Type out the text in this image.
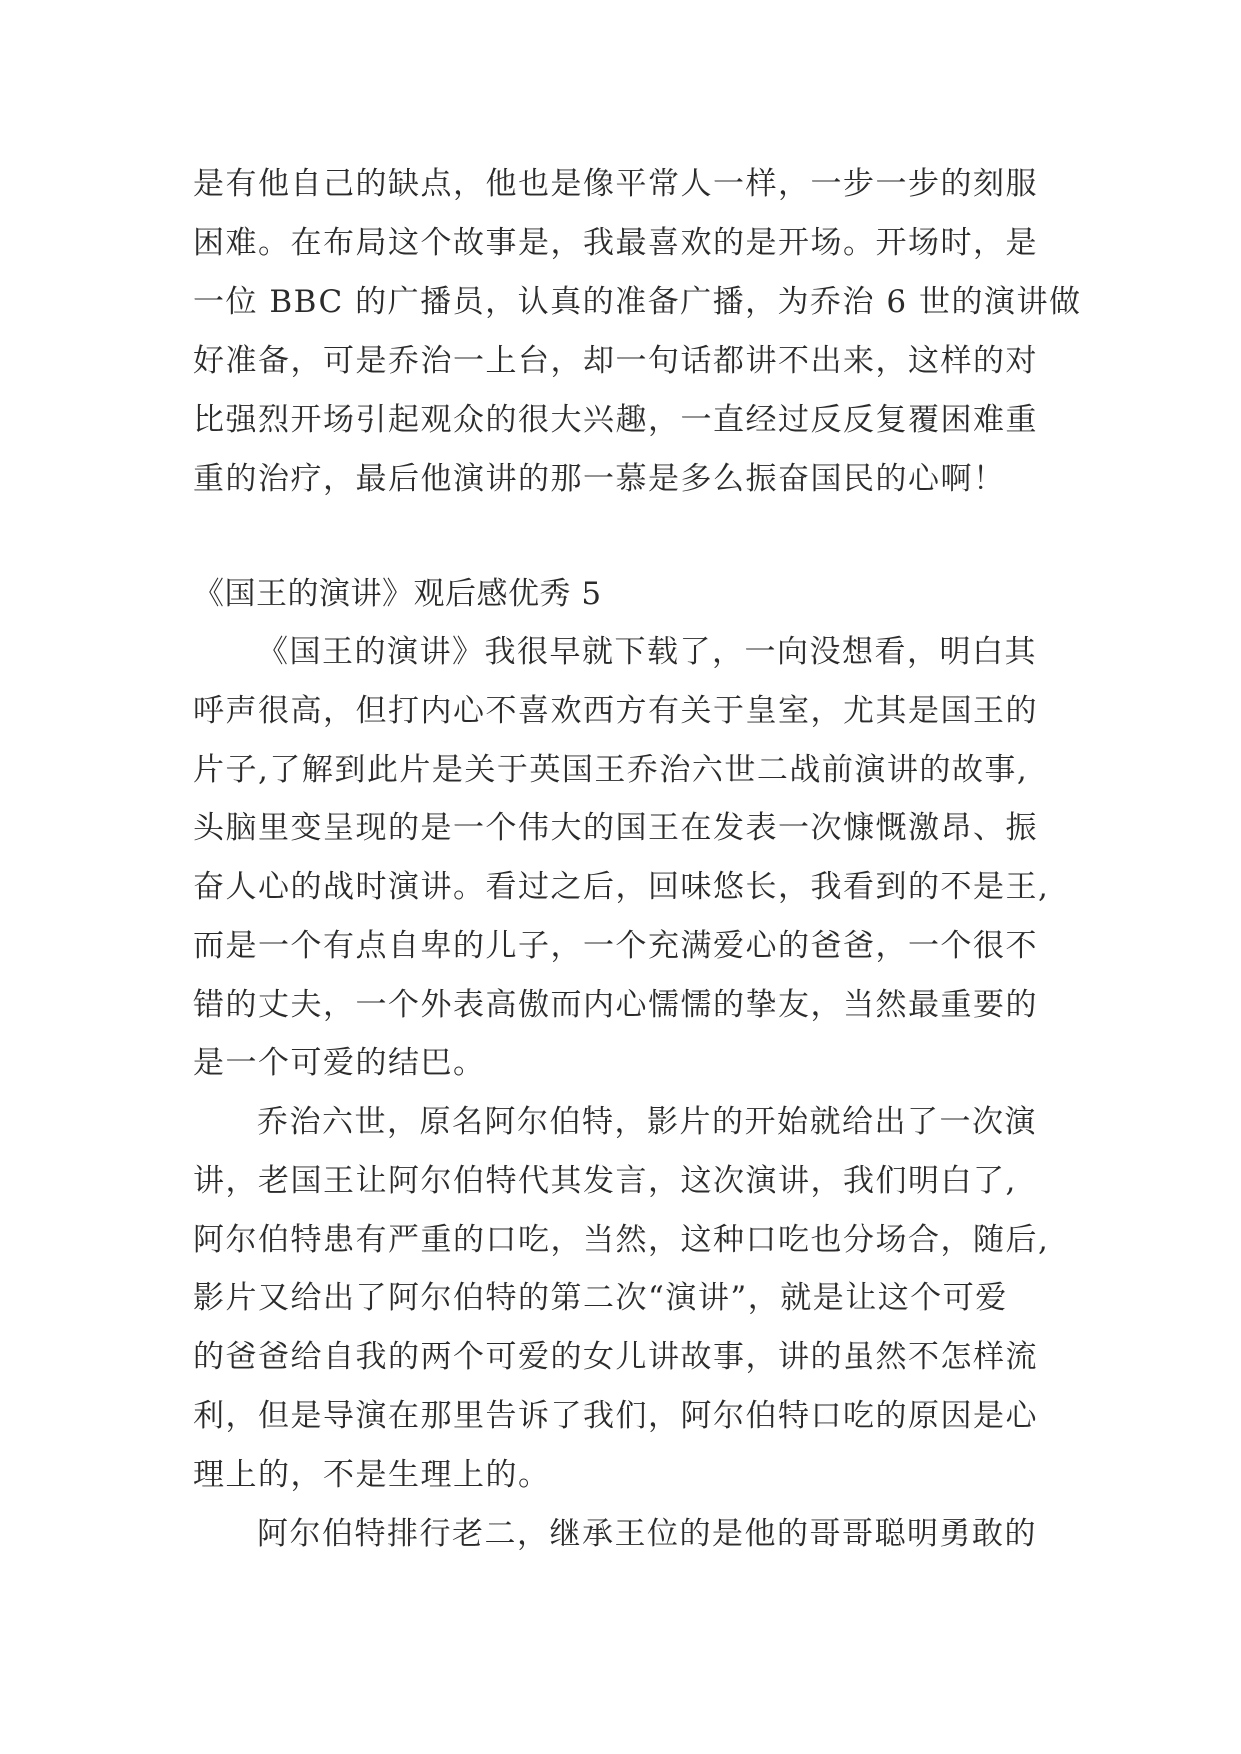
是有他自己的缺点，他也是像平常人一样，一步一步的刻服
困难。在布局这个故事是，我最喜欢的是开场。开场时，是
一位 BBC 的广播员，认真的准备广播，为乔治 6 世的演讲做
好准备，可是乔治一上台，却一句话都讲不出来，这样的对
比强烈开场引起观众的很大兴趣，一直经过反反复覆困难重
重的治疗，最后他演讲的那一慕是多么振奋国民的心啊！
《国王的演讲》观后感优秀 5
《国王的演讲》我很早就下载了，一向没想看，明白其
呼声很高，但打内心不喜欢西方有关于皇室，尤其是国王的
片子,了解到此片是关于英国王乔治六世二战前演讲的故事,
头脑里变呈现的是一个伟大的国王在发表一次慷慨激昂、振
奋人心的战时演讲。看过之后，回味悠长，我看到的不是王,
而是一个有点自卑的儿子，一个充满爱心的爸爸，一个很不
错的丈夫，一个外表高傲而内心懦懦的挚友，当然最重要的
是一个可爱的结巴。
乔治六世，原名阿尔伯特，影片的开始就给出了一次演
讲，老国王让阿尔伯特代其发言，这次演讲，我们明白了,
阿尔伯特患有严重的口吃，当然，这种口吃也分场合，随后,
影片又给出了阿尔伯特的第二次“演讲”，就是让这个可爱
的爸爸给自我的两个可爱的女儿讲故事，讲的虽然不怎样流
利，但是导演在那里告诉了我们，阿尔伯特口吃的原因是心
理上的，不是生理上的。
阿尔伯特排行老二，继承王位的是他的哥哥聪明勇敢的
